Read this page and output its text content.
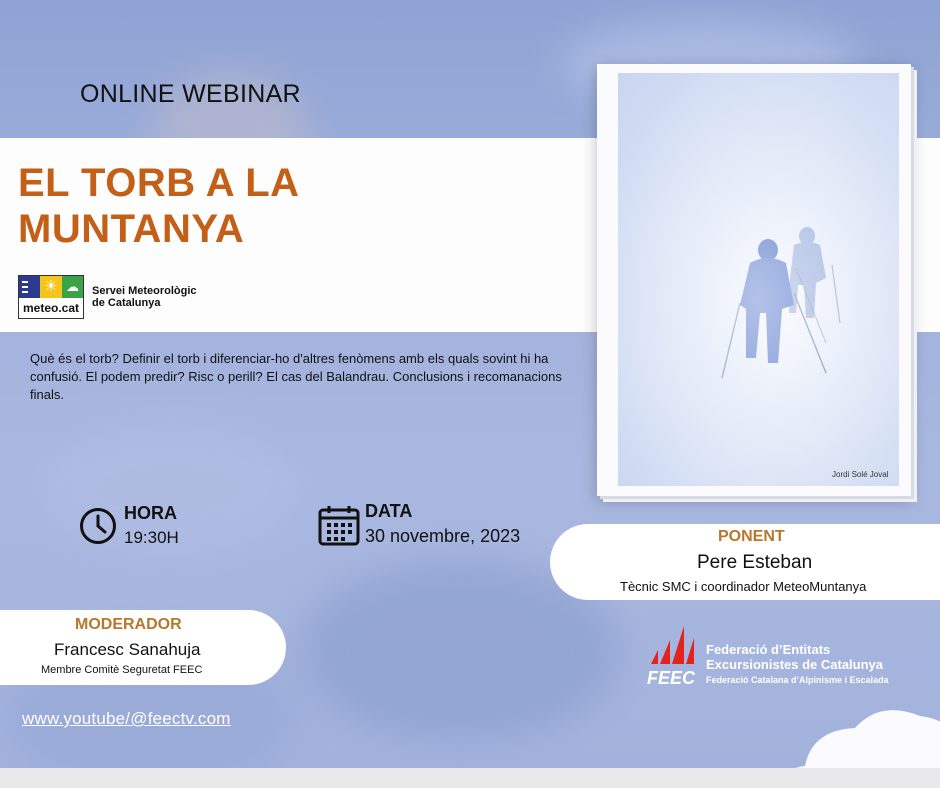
ONLINE WEBINAR
EL TORB A LA
MUNTANYA
☀ ☁
meteo.cat
Servei Meteorològic
de Catalunya
Què és el torb? Definir el torb i diferenciar-ho d'altres fenòmens amb els quals sovint hi ha confusió. El podem predir? Risc o perill? El cas del Balandrau. Conclusions i recomanacions finals.
Jordi Solé Joval
HORA
19:30H
DATA
30 novembre, 2023	PONENT
Pere Esteban
Tècnic SMC i coordinador MeteoMuntanya
MODERADOR
Francesc Sanahuja
Membre Comitè Seguretat FEEC	FEEC
Federació d’Entitats
Excursionistes de Catalunya
Federació Catalana d’Alpinisme i Escalada
www.youtube/@feectv.com
